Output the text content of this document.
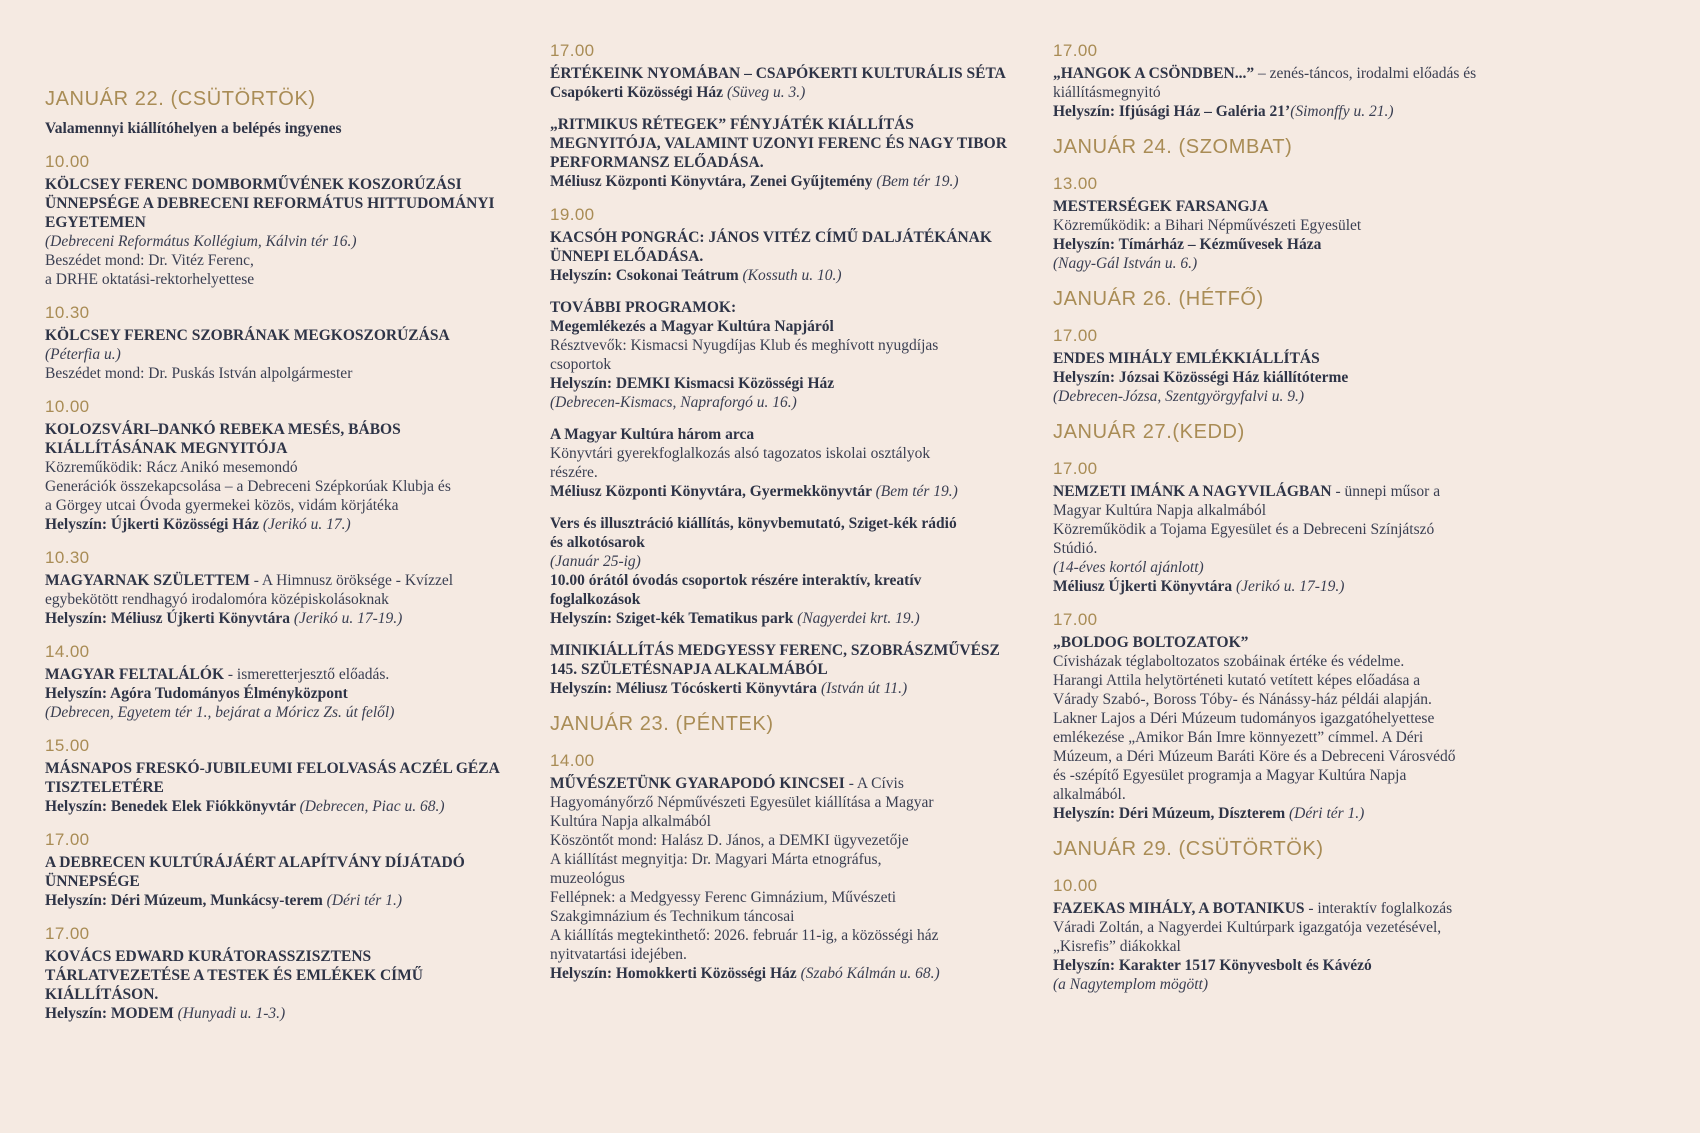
JANUÁR 22. (CSÜTÖRTÖK)
Valamennyi kiállítóhelyen a belépés ingyenes
10.00
KÖLCSEY FERENC DOMBORMŰVÉNEK KOSZORÚZÁSI
ÜNNEPSÉGE A DEBRECENI REFORMÁTUS HITTUDOMÁNYI
EGYETEMEN
(Debreceni Református Kollégium, Kálvin tér 16.)
Beszédet mond: Dr. Vitéz Ferenc,
a DRHE oktatási-rektorhelyettese
10.30
KÖLCSEY FERENC SZOBRÁNAK MEGKOSZORÚZÁSA
(Péterfia u.)
Beszédet mond: Dr. Puskás István alpolgármester
10.00
KOLOZSVÁRI–DANKÓ REBEKA MESÉS, BÁBOS
KIÁLLÍTÁSÁNAK MEGNYITÓJA
Közreműködik: Rácz Anikó mesemondó
Generációk összekapcsolása – a Debreceni Szépkorúak Klubja és
a Görgey utcai Óvoda gyermekei közös, vidám körjátéka
Helyszín: Újkerti Közösségi Ház (Jerikó u. 17.)
10.30
MAGYARNAK SZÜLETTEM - A Himnusz öröksége - Kvízzel
egybekötött rendhagyó irodalomóra középiskolásoknak
Helyszín: Méliusz Újkerti Könyvtára (Jerikó u. 17-19.)
14.00
MAGYAR FELTALÁLÓK - ismeretterjesztő előadás.
Helyszín: Agóra Tudományos Élményközpont
(Debrecen, Egyetem tér 1., bejárat a Móricz Zs. út felől)
15.00
MÁSNAPOS FRESKÓ-JUBILEUMI FELOLVASÁS ACZÉL GÉZA
TISZTELETÉRE
Helyszín: Benedek Elek Fiókkönyvtár (Debrecen, Piac u. 68.)
17.00
A DEBRECEN KULTÚRÁJÁÉRT ALAPÍTVÁNY DÍJÁTADÓ
ÜNNEPSÉGE
Helyszín: Déri Múzeum, Munkácsy-terem (Déri tér 1.)
17.00
KOVÁCS EDWARD KURÁTORASSZISZTENS
TÁRLATVEZETÉSE A TESTEK ÉS EMLÉKEK CÍMŰ
KIÁLLÍTÁSON.
Helyszín: MODEM (Hunyadi u. 1-3.)
17.00
ÉRTÉKEINK NYOMÁBAN – CSAPÓKERTI KULTURÁLIS SÉTA
Csapókerti Közösségi Ház (Süveg u. 3.)
„RITMIKUS RÉTEGEK” FÉNYJÁTÉK KIÁLLÍTÁS
MEGNYITÓJA, VALAMINT UZONYI FERENC ÉS NAGY TIBOR
PERFORMANSZ ELŐADÁSA.
Méliusz Központi Könyvtára, Zenei Gyűjtemény (Bem tér 19.)
19.00
KACSÓH PONGRÁC: JÁNOS VITÉZ CÍMŰ DALJÁTÉKÁNAK
ÜNNEPI ELŐADÁSA.
Helyszín: Csokonai Teátrum (Kossuth u. 10.)
TOVÁBBI PROGRAMOK:
Megemlékezés a Magyar Kultúra Napjáról
Résztvevők: Kismacsi Nyugdíjas Klub és meghívott nyugdíjas
csoportok
Helyszín: DEMKI Kismacsi Közösségi Ház
(Debrecen-Kismacs, Napraforgó u. 16.)
A Magyar Kultúra három arca
Könyvtári gyerekfoglalkozás alsó tagozatos iskolai osztályok
részére.
Méliusz Központi Könyvtára, Gyermekkönyvtár (Bem tér 19.)
Vers és illusztráció kiállítás, könyvbemutató, Sziget-kék rádió
és alkotósarok
(Január 25-ig)
10.00 órától óvodás csoportok részére interaktív, kreatív
foglalkozások
Helyszín: Sziget-kék Tematikus park (Nagyerdei krt. 19.)
MINIKIÁLLÍTÁS MEDGYESSY FERENC, SZOBRÁSZMŰVÉSZ
145. SZÜLETÉSNAPJA ALKALMÁBÓL
Helyszín: Méliusz Tócóskerti Könyvtára (István út 11.)
JANUÁR 23. (PÉNTEK)
14.00
MŰVÉSZETÜNK GYARAPODÓ KINCSEI - A Cívis
Hagyományőrző Népművészeti Egyesület kiállítása a Magyar
Kultúra Napja alkalmából
Köszöntőt mond: Halász D. János, a DEMKI ügyvezetője
A kiállítást megnyitja: Dr. Magyari Márta etnográfus,
muzeológus
Fellépnek: a Medgyessy Ferenc Gimnázium, Művészeti
Szakgimnázium és Technikum táncosai
A kiállítás megtekinthető: 2026. február 11-ig, a közösségi ház
nyitvatartási idejében.
Helyszín: Homokkerti Közösségi Ház (Szabó Kálmán u. 68.)
17.00
„HANGOK A CSÖNDBEN...” – zenés-táncos, irodalmi előadás és
kiállításmegnyitó
Helyszín: Ifjúsági Ház – Galéria 21’(Simonffy u. 21.)
JANUÁR 24. (SZOMBAT)
13.00
MESTERSÉGEK FARSANGJA
Közreműködik: a Bihari Népművészeti Egyesület
Helyszín: Tímárház – Kézművesek Háza
(Nagy-Gál István u. 6.)
JANUÁR 26. (HÉTFŐ)
17.00
ENDES MIHÁLY EMLÉKKIÁLLÍTÁS
Helyszín: Józsai Közösségi Ház kiállítóterme
(Debrecen-Józsa, Szentgyörgyfalvi u. 9.)
JANUÁR 27.(KEDD)
17.00
NEMZETI IMÁNK A NAGYVILÁGBAN - ünnepi műsor a
Magyar Kultúra Napja alkalmából
Közreműködik a Tojama Egyesület és a Debreceni Színjátszó
Stúdió.
(14-éves kortól ajánlott)
Méliusz Újkerti Könyvtára (Jerikó u. 17-19.)
17.00
„BOLDOG BOLTOZATOK”
Cívisházak téglaboltozatos szobáinak értéke és védelme.
Harangi Attila helytörténeti kutató vetített képes előadása a
Várady Szabó-, Boross Tóby- és Nánássy-ház példái alapján.
Lakner Lajos a Déri Múzeum tudományos igazgatóhelyettese
emlékezése „Amikor Bán Imre könnyezett” címmel. A Déri
Múzeum, a Déri Múzeum Baráti Köre és a Debreceni Városvédő
és -szépítő Egyesület programja a Magyar Kultúra Napja
alkalmából.
Helyszín: Déri Múzeum, Díszterem (Déri tér 1.)
JANUÁR 29. (CSÜTÖRTÖK)
10.00
FAZEKAS MIHÁLY, A BOTANIKUS - interaktív foglalkozás
Váradi Zoltán, a Nagyerdei Kultúrpark igazgatója vezetésével,
„Kisrefis” diákokkal
Helyszín: Karakter 1517 Könyvesbolt és Kávézó
(a Nagytemplom mögött)
